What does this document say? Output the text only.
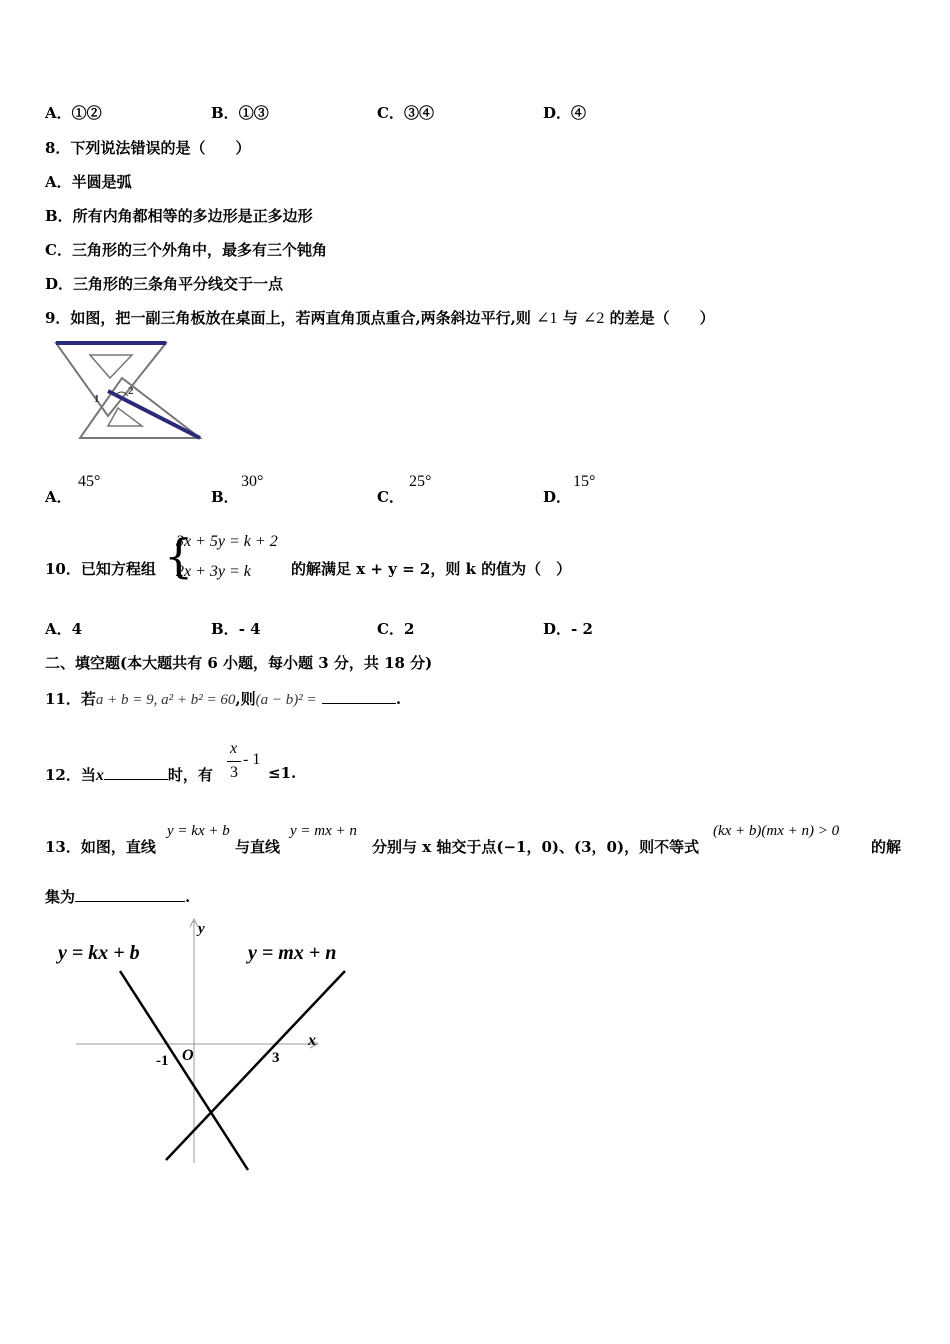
A．①②	B．①③	C．③④	D．④
8．下列说法错误的是（　　）
A．半圆是弧
B．所有内角都相等的多边形是正多边形
C．三角形的三个外角中，最多有三个钝角
D．三角形的三条角平分线交于一点
9．如图，把一副三角板放在桌面上，若两直角顶点重合,两条斜边平行,则 ∠1 与 ∠2 的差是（　　）
1
2
A．
45°
B．
30°
C．
25°
D．
15°
10．已知方程组 {
3x + 5y = k + 2
2x + 3y = k	的解满足 x + y = 2，则 k 的值为（　）
A．4	B．- 4	C．2	D．- 2
二、填空题(本大题共有 6 小题，每小题 3 分，共 18 分)
11．若a + b = 9, a² + b² = 60,则(a − b)² =	.
12．当x	时，有
x
3
- 1
≤1.
13．如图，直线
y = kx + b
与直线
y = mx + n
分别与 x 轴交于点(−1，0)、(3，0)，则不等式
(kx + b)(mx + n) > 0
的解
集为	.
y = kx + b	y = mx + n
x
y
O
-1	3
